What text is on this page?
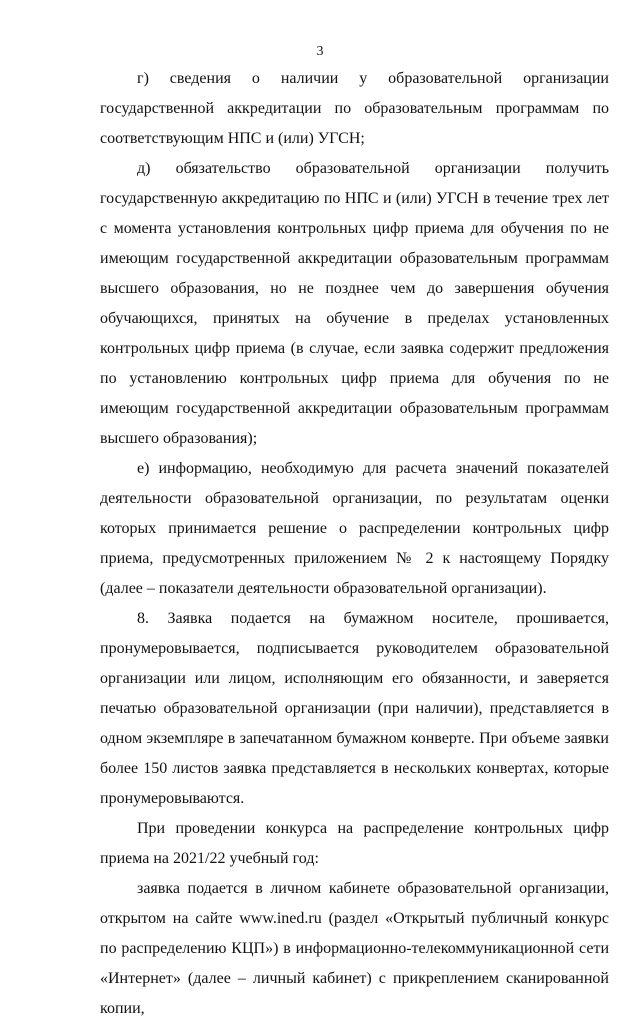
3

г) сведения о наличии у образовательной организации государственной аккредитации по образовательным программам по соответствующим НПС и (или) УГСН;

д) обязательство образовательной организации получить государственную аккредитацию по НПС и (или) УГСН в течение трех лет с момента установления контрольных цифр приема для обучения по не имеющим государственной аккредитации образовательным программам высшего образования, но не позднее чем до завершения обучения обучающихся, принятых на обучение в пределах установленных контрольных цифр приема (в случае, если заявка содержит предложения по установлению контрольных цифр приема для обучения по не имеющим государственной аккредитации образовательным программам высшего образования);

е) информацию, необходимую для расчета значений показателей деятельности образовательной организации, по результатам оценки которых принимается решение о распределении контрольных цифр приема, предусмотренных приложением № 2 к настоящему Порядку (далее – показатели деятельности образовательной организации).

8. Заявка подается на бумажном носителе, прошивается, пронумеровывается, подписывается руководителем образовательной организации или лицом, исполняющим его обязанности, и заверяется печатью образовательной организации (при наличии), представляется в одном экземпляре в запечатанном бумажном конверте. При объеме заявки более 150 листов заявка представляется в нескольких конвертах, которые пронумеровываются.

При проведении конкурса на распределение контрольных цифр приема на 2021/22 учебный год:

заявка подается в личном кабинете образовательной организации, открытом на сайте www.ined.ru (раздел «Открытый публичный конкурс по распределению КЦП») в информационно-телекоммуникационной сети «Интернет» (далее – личный кабинет) с прикреплением сканированной копии,
